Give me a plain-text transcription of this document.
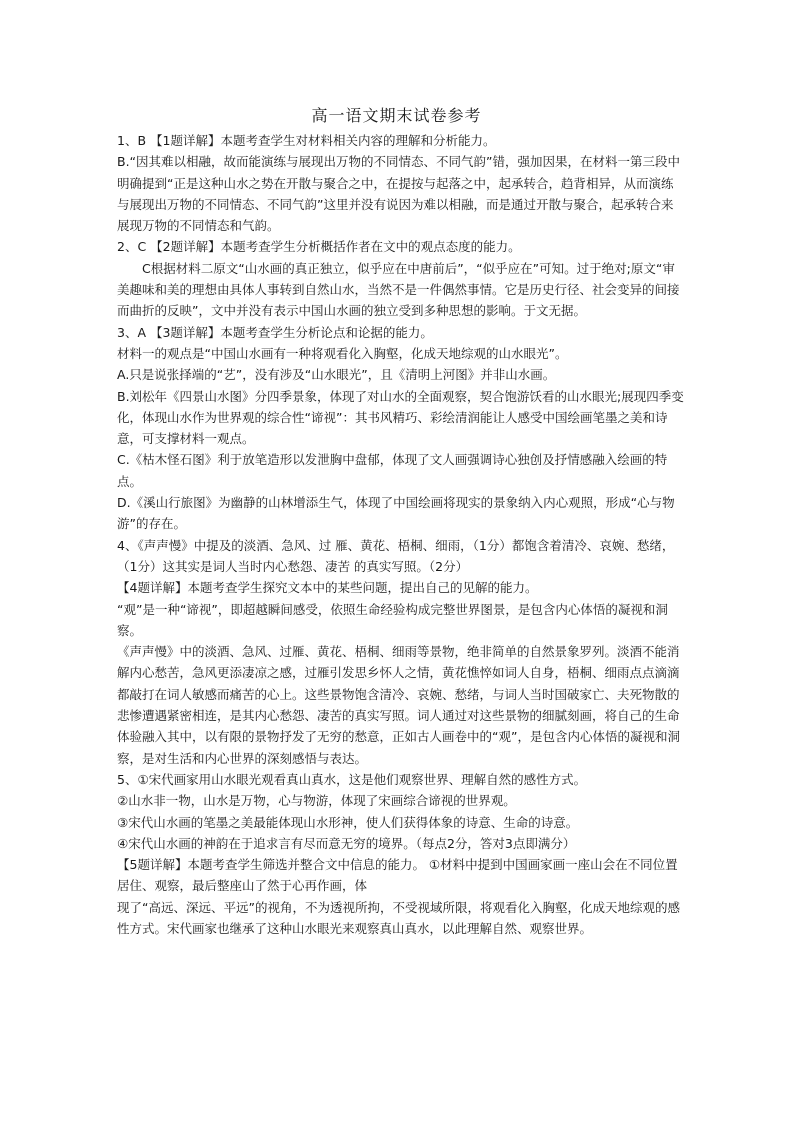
高一语文期末试卷参考

1、B 【1题详解】本题考查学生对材料相关内容的理解和分析能力。

B.“因其难以相融，故而能演练与展现出万物的不同情态、不同气韵”错，强加因果，在材料一第三段中明确提到“正是这种山水之势在开散与聚合之中，在提按与起落之中，起承转合，趋背相异，从而演练与展现出万物的不同情态、不同气韵”这里并没有说因为难以相融，而是通过开散与聚合，起承转合来展现万物的不同情态和气韵。

2、C 【2题详解】本题考查学生分析概括作者在文中的观点态度的能力。

C根据材料二原文“山水画的真正独立，似乎应在中唐前后”，“似乎应在”可知。过于绝对;原文“审美趣味和美的理想由具体人事转到自然山水，当然不是一件偶然事情。它是历史行径、社会变异的间接而曲折的反映”，文中并没有表示中国山水画的独立受到多种思想的影响。于文无据。

3、A 【3题详解】本题考查学生分析论点和论据的能力。

材料一的观点是“中国山水画有一种将观看化入胸壑，化成天地综观的山水眼光”。

A.只是说张择端的“艺”，没有涉及“山水眼光”，且《清明上河图》并非山水画。

B.刘松年《四景山水图》分四季景象，体现了对山水的全面观察，契合饱游饫看的山水眼光;展现四季变化，体现山水作为世界观的综合性“谛视”：其书风精巧、彩绘清润能让人感受中国绘画笔墨之美和诗意，可支撑材料一观点。

C.《枯木怪石图》利于放笔造形以发泄胸中盘郁，体现了文人画强调诗心独创及抒情感融入绘画的特点。

D.《溪山行旅图》为幽静的山林增添生气，体现了中国绘画将现实的景象纳入内心观照，形成“心与物游”的存在。

4、《声声慢》中提及的淡酒、急风、过 雁、黄花、梧桐、细雨，（1分）都饱含着清冷、哀婉、愁绪，（1分）这其实是词人当时内心愁怨、凄苦 的真实写照。（2分）

【4题详解】本题考查学生探究文本中的某些问题，提出自己的见解的能力。

“观”是一种“谛视”，即超越瞬间感受，依照生命经验构成完整世界图景，是包含内心体悟的凝视和洞察。

《声声慢》中的淡酒、急风、过雁、黄花、梧桐、细雨等景物，绝非简单的自然景象罗列。淡酒不能消解内心愁苦，急风更添凄凉之感，过雁引发思乡怀人之情，黄花憔悴如词人自身，梧桐、细雨点点滴滴都敲打在词人敏感而痛苦的心上。这些景物饱含清冷、哀婉、愁绪，与词人当时国破家亡、夫死物散的悲惨遭遇紧密相连，是其内心愁怨、凄苦的真实写照。词人通过对这些景物的细腻刻画，将自己的生命体验融入其中，以有限的景物抒发了无穷的愁意，正如古人画卷中的“观”，是包含内心体悟的凝视和洞察，是对生活和内心世界的深刻感悟与表达。

5、①宋代画家用山水眼光观看真山真水，这是他们观察世界、理解自然的感性方式。

②山水非一物，山水是万物，心与物游，体现了宋画综合谛视的世界观。

③宋代山水画的笔墨之美最能体现山水形神，使人们获得体象的诗意、生命的诗意。

④宋代山水画的神韵在于追求言有尽而意无穷的境界。（每点2分，答对3点即满分）

【5题详解】本题考查学生筛选并整合文中信息的能力。 ①材料中提到中国画家画一座山会在不同位置居住、观察，最后整座山了然于心再作画，体

现了“高远、深远、平远”的视角，不为透视所拘，不受视域所限，将观看化入胸壑，化成天地综观的感性方式。宋代画家也继承了这种山水眼光来观察真山真水，以此理解自然、观察世界。
